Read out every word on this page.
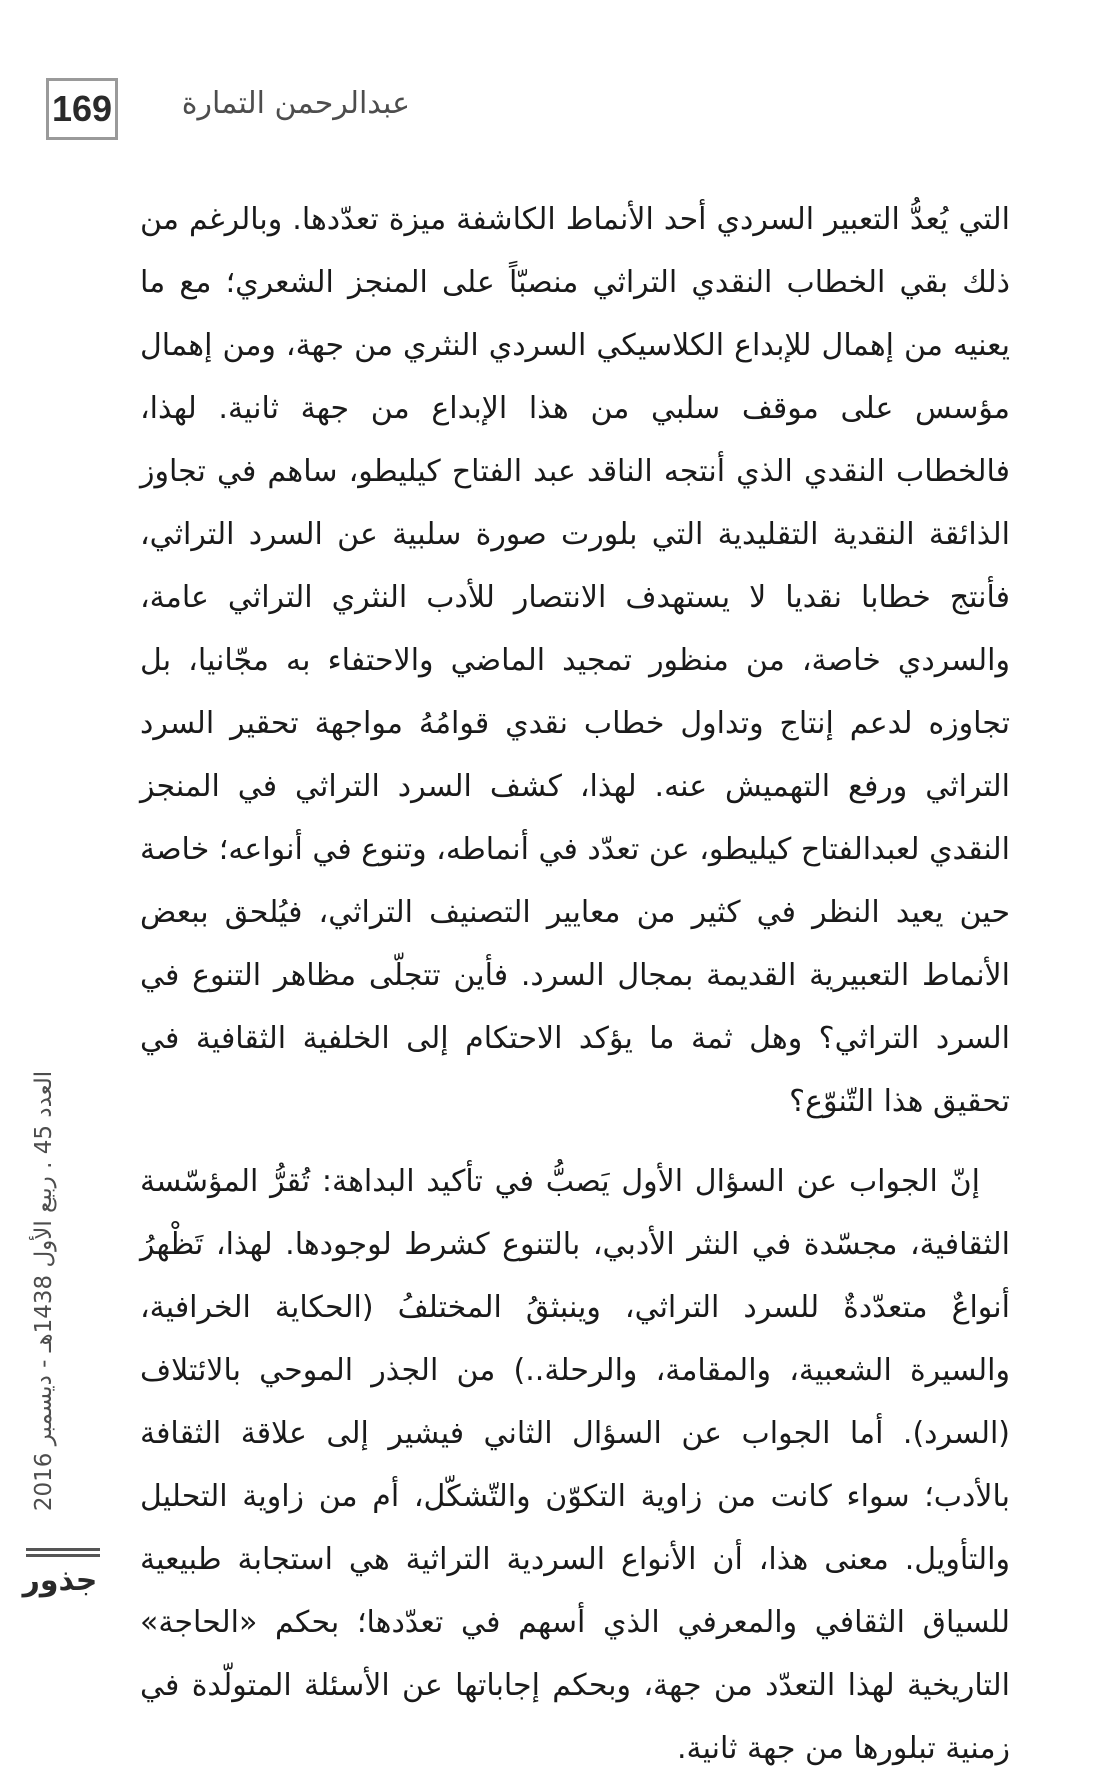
169	عبدالرحمن التمارة

التي يُعدُّ التعبير السردي أحد الأنماط الكاشفة ميزة تعدّدها. وبالرغم من ذلك بقي الخطاب النقدي التراثي منصبّاً على المنجز الشعري؛ مع ما يعنيه من إهمال للإبداع الكلاسيكي السردي النثري من جهة، ومن إهمال مؤسس على موقف سلبي من هذا الإبداع من جهة ثانية. لهذا، فالخطاب النقدي الذي أنتجه الناقد عبد الفتاح كيليطو، ساهم في تجاوز الذائقة النقدية التقليدية التي بلورت صورة سلبية عن السرد التراثي، فأنتج خطابا نقديا لا يستهدف الانتصار للأدب النثري التراثي عامة، والسردي خاصة، من منظور تمجيد الماضي والاحتفاء به مجّانيا، بل تجاوزه لدعم إنتاج وتداول خطاب نقدي قوامُهُ مواجهة تحقير السرد التراثي ورفع التهميش عنه. لهذا، كشف السرد التراثي في المنجز النقدي لعبدالفتاح كيليطو، عن تعدّد في أنماطه، وتنوع في أنواعه؛ خاصة حين يعيد النظر في كثير من معايير التصنيف التراثي، فيُلحق ببعض الأنماط التعبيرية القديمة بمجال السرد. فأين تتجلّى مظاهر التنوع في السرد التراثي؟ وهل ثمة ما يؤكد الاحتكام إلى الخلفية الثقافية في تحقيق هذا التّنوّع؟

إنّ الجواب عن السؤال الأول يَصبُّ في تأكيد البداهة: تُقرُّ المؤسّسة الثقافية، مجسّدة في النثر الأدبي، بالتنوع كشرط لوجودها. لهذا، تَظْهرُ أنواعٌ متعدّدةٌ للسرد التراثي، وينبثقُ المختلفُ (الحكاية الخرافية، والسيرة الشعبية، والمقامة، والرحلة..) من الجذر الموحي بالائتلاف (السرد). أما الجواب عن السؤال الثاني فيشير إلى علاقة الثقافة بالأدب؛ سواء كانت من زاوية التكوّن والتّشكّل، أم من زاوية التحليل والتأويل. معنى هذا، أن الأنواع السردية التراثية هي استجابة طبيعية للسياق الثقافي والمعرفي الذي أسهم في تعدّدها؛ بحكم «الحاجة» التاريخية لهذا التعدّد من جهة، وبحكم إجاباتها عن الأسئلة المتولّدة في زمنية تبلورها من جهة ثانية.

العدد 45 . ربيع الأول 1438هـ - ديسمبر 2016
جذور
